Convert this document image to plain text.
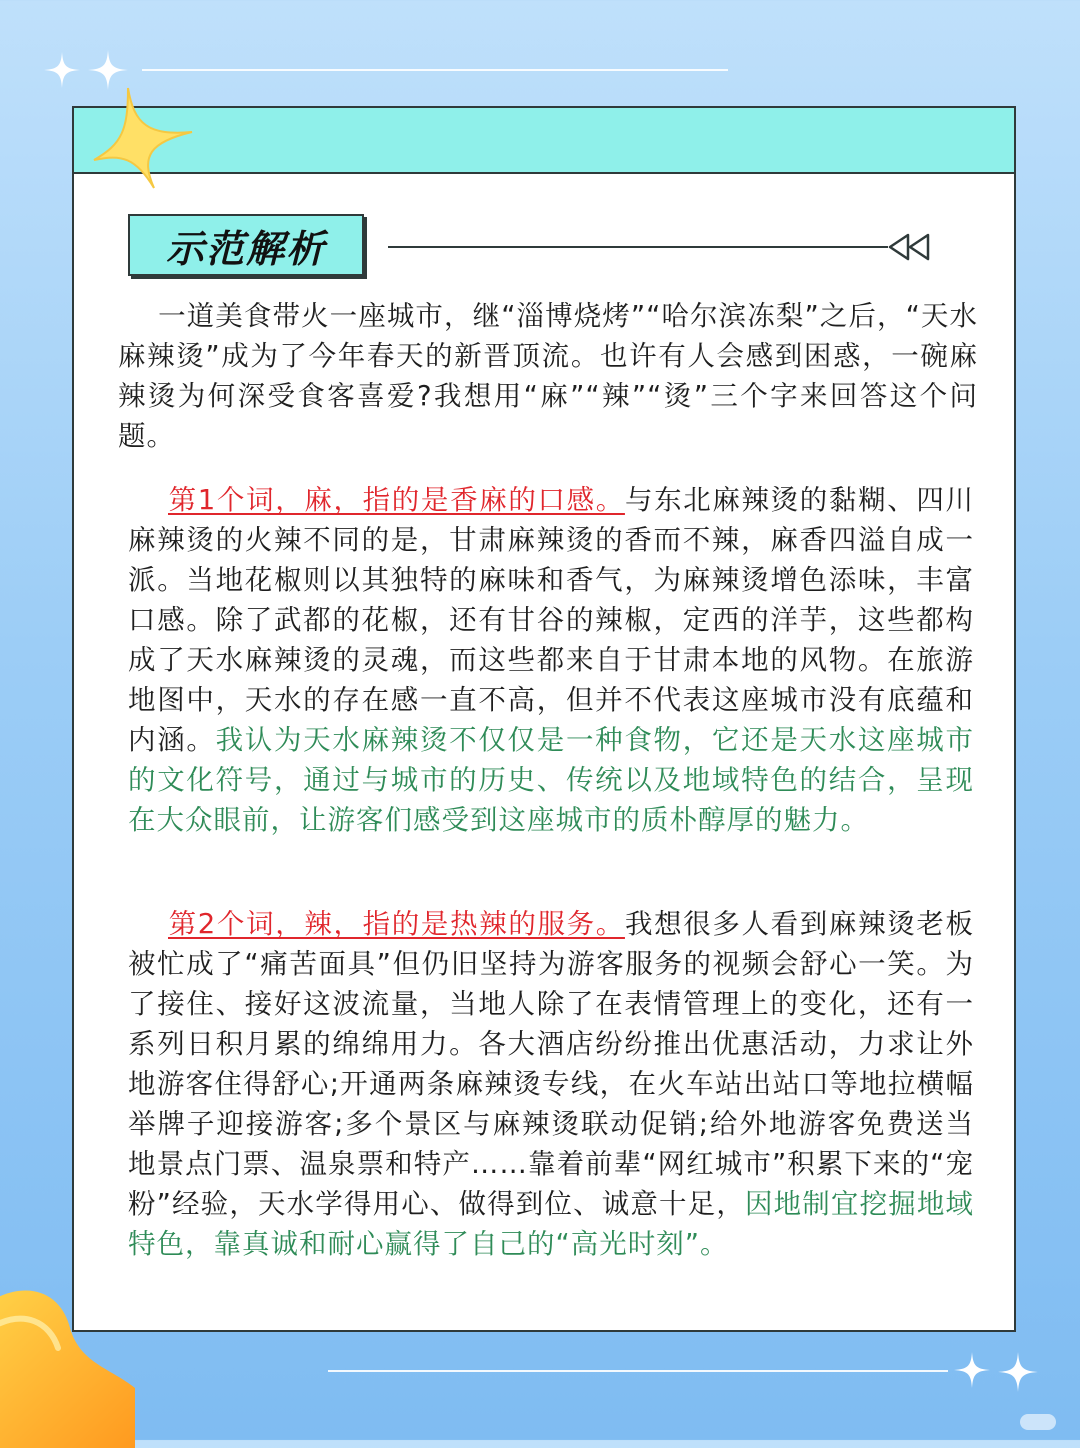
示范解析

一道美食带火一座城市，继“淄博烧烤”“哈尔滨冻梨”之后，“天水麻辣烫”成为了今年春天的新晋顶流。也许有人会感到困惑，一碗麻辣烫为何深受食客喜爱?我想用“麻”“辣”“烫”三个字来回答这个问题。

第1个词，麻，指的是香麻的口感。与东北麻辣烫的黏糊、四川麻辣烫的火辣不同的是，甘肃麻辣烫的香而不辣，麻香四溢自成一派。当地花椒则以其独特的麻味和香气，为麻辣烫增色添味，丰富口感。除了武都的花椒，还有甘谷的辣椒，定西的洋芋，这些都构成了天水麻辣烫的灵魂，而这些都来自于甘肃本地的风物。在旅游地图中，天水的存在感一直不高，但并不代表这座城市没有底蕴和内涵。我认为天水麻辣烫不仅仅是一种食物，它还是天水这座城市的文化符号，通过与城市的历史、传统以及地域特色的结合，呈现在大众眼前，让游客们感受到这座城市的质朴醇厚的魅力。

第2个词，辣，指的是热辣的服务。我想很多人看到麻辣烫老板被忙成了“痛苦面具”但仍旧坚持为游客服务的视频会舒心一笑。为了接住、接好这波流量，当地人除了在表情管理上的变化，还有一系列日积月累的绵绵用力。各大酒店纷纷推出优惠活动，力求让外地游客住得舒心;开通两条麻辣烫专线，在火车站出站口等地拉横幅举牌子迎接游客;多个景区与麻辣烫联动促销;给外地游客免费送当地景点门票、温泉票和特产……靠着前辈“网红城市”积累下来的“宠粉”经验，天水学得用心、做得到位、诚意十足，因地制宜挖掘地域特色，靠真诚和耐心赢得了自己的“高光时刻”。
